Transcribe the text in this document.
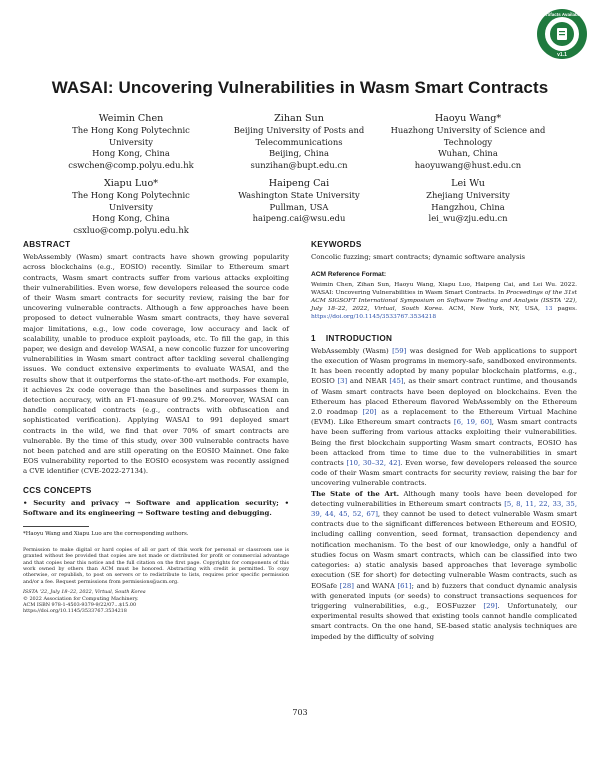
Artifacts Available
v1.1
WASAI: Uncovering Vulnerabilities in Wasm Smart Contracts
Weimin Chen
The Hong Kong Polytechnic
University
Hong Kong, China
cswchen@comp.polyu.edu.hk
Zihan Sun
Beijing University of Posts and
Telecommunications
Beijing, China
sunzihan@bupt.edu.cn
Haoyu Wang*
Huazhong University of Science and
Technology
Wuhan, China
haoyuwang@hust.edu.cn
Xiapu Luo*
The Hong Kong Polytechnic
University
Hong Kong, China
csxluo@comp.polyu.edu.hk
Haipeng Cai
Washington State University
Pullman, USA
haipeng.cai@wsu.edu
Lei Wu
Zhejiang University
Hangzhou, China
lei_wu@zju.edu.cn
ABSTRACT

WebAssembly (Wasm) smart contracts have shown growing popularity across blockchains (e.g., EOSIO) recently. Similar to Ethereum smart contracts, Wasm smart contracts suffer from various attacks exploiting their vulnerabilities. Even worse, few developers released the source code of their Wasm smart contracts for security review, raising the bar for uncovering vulnerable contracts. Although a few approaches have been proposed to detect vulnerable Wasm smart contracts, they have several major limitations, e.g., low code coverage, low accuracy and lack of scalability, unable to produce exploit payloads, etc. To fill the gap, in this paper, we design and develop WASAI, a new concolic fuzzer for uncovering vulnerabilities in Wasm smart contract after tackling several challenging issues. We conduct extensive experiments to evaluate WASAI, and the results show that it outperforms the state-of-the-art methods. For example, it achieves 2x code coverage than the baselines and surpasses them in detection accuracy, with an F1-measure of 99.2%. Moreover, WASAI can handle complicated contracts (e.g., contracts with obfuscation and sophisticated verification). Applying WASAI to 991 deployed smart contracts in the wild, we find that over 70% of smart contracts are vulnerable. By the time of this study, over 300 vulnerable contracts have not been patched and are still operating on the EOSIO Mainnet. One fake EOS vulnerability reported to the EOSIO ecosystem was recently assigned a CVE identifier (CVE-2022-27134).

CCS CONCEPTS

• Security and privacy → Software and application security; • Software and its engineering → Software testing and debugging.

*Haoyu Wang and Xiapu Luo are the corresponding authors.

Permission to make digital or hard copies of all or part of this work for personal or classroom use is granted without fee provided that copies are not made or distributed for profit or commercial advantage and that copies bear this notice and the full citation on the first page. Copyrights for components of this work owned by others than ACM must be honored. Abstracting with credit is permitted. To copy otherwise, or republish, to post on servers or to redistribute to lists, requires prior specific permission and/or a fee. Request permissions from permissions@acm.org.

ISSTA '22, July 18–22, 2022, Virtual, South Korea
© 2022 Association for Computing Machinery.
ACM ISBN 978-1-4503-9379-9/22/07...$15.00
https://doi.org/10.1145/3533767.3534218
KEYWORDS

Concolic fuzzing; smart contracts; dynamic software analysis

ACM Reference Format:

Weimin Chen, Zihan Sun, Haoyu Wang, Xiapu Luo, Haipeng Cai, and Lei Wu. 2022. WASAI: Uncovering Vulnerabilities in Wasm Smart Contracts. In Proceedings of the 31st ACM SIGSOFT International Symposium on Software Testing and Analysis (ISSTA '22), July 18–22, 2022, Virtual, South Korea. ACM, New York, NY, USA, 13 pages. https://doi.org/10.1145/3533767.3534218

1 INTRODUCTION

WebAssembly (Wasm) [59] was designed for Web applications to support the execution of Wasm programs in memory-safe, sandboxed environments. It has been recently adopted by many popular blockchain platforms, e.g., EOSIO [3] and NEAR [45], as their smart contract runtime, and thousands of Wasm smart contracts have been deployed on blockchains. Even the Ethereum has placed Ethereum flavored WebAssembly on the Ethereum 2.0 roadmap [20] as a replacement to the Ethereum Virtual Machine (EVM). Like Ethereum smart contracts [6, 19, 60], Wasm smart contracts have been suffering from various attacks exploiting their vulnerabilities. Being the first blockchain supporting Wasm smart contracts, EOSIO has been attacked from time to time due to the vulnerabilities in smart contracts [10, 30–32, 42]. Even worse, few developers released the source code of their Wasm smart contracts for security review, raising the bar for uncovering vulnerable contracts.

The State of the Art. Although many tools have been developed for detecting vulnerabilities in Ethereum smart contracts [5, 8, 11, 22, 33, 35, 39, 44, 45, 52, 67], they cannot be used to detect vulnerable Wasm smart contracts due to the significant differences between Ethereum and EOSIO, including calling convention, seed format, transaction dependency and notification mechanism. To the best of our knowledge, only a handful of studies focus on Wasm smart contracts, which can be classified into two categories: a) static analysis based approaches that leverage symbolic execution (SE for short) for detecting vulnerable Wasm contracts, such as EOSafe [28] and WANA [61]; and b) fuzzers that conduct dynamic analysis with generated inputs (or seeds) to construct transactions sequences for triggering vulnerabilities, e.g., EOSFuzzer [29]. Unfortunately, our experimental results showed that existing tools cannot handle complicated smart contracts. On the one hand, SE-based static analysis techniques are impeded by the difficulty of solving

703
